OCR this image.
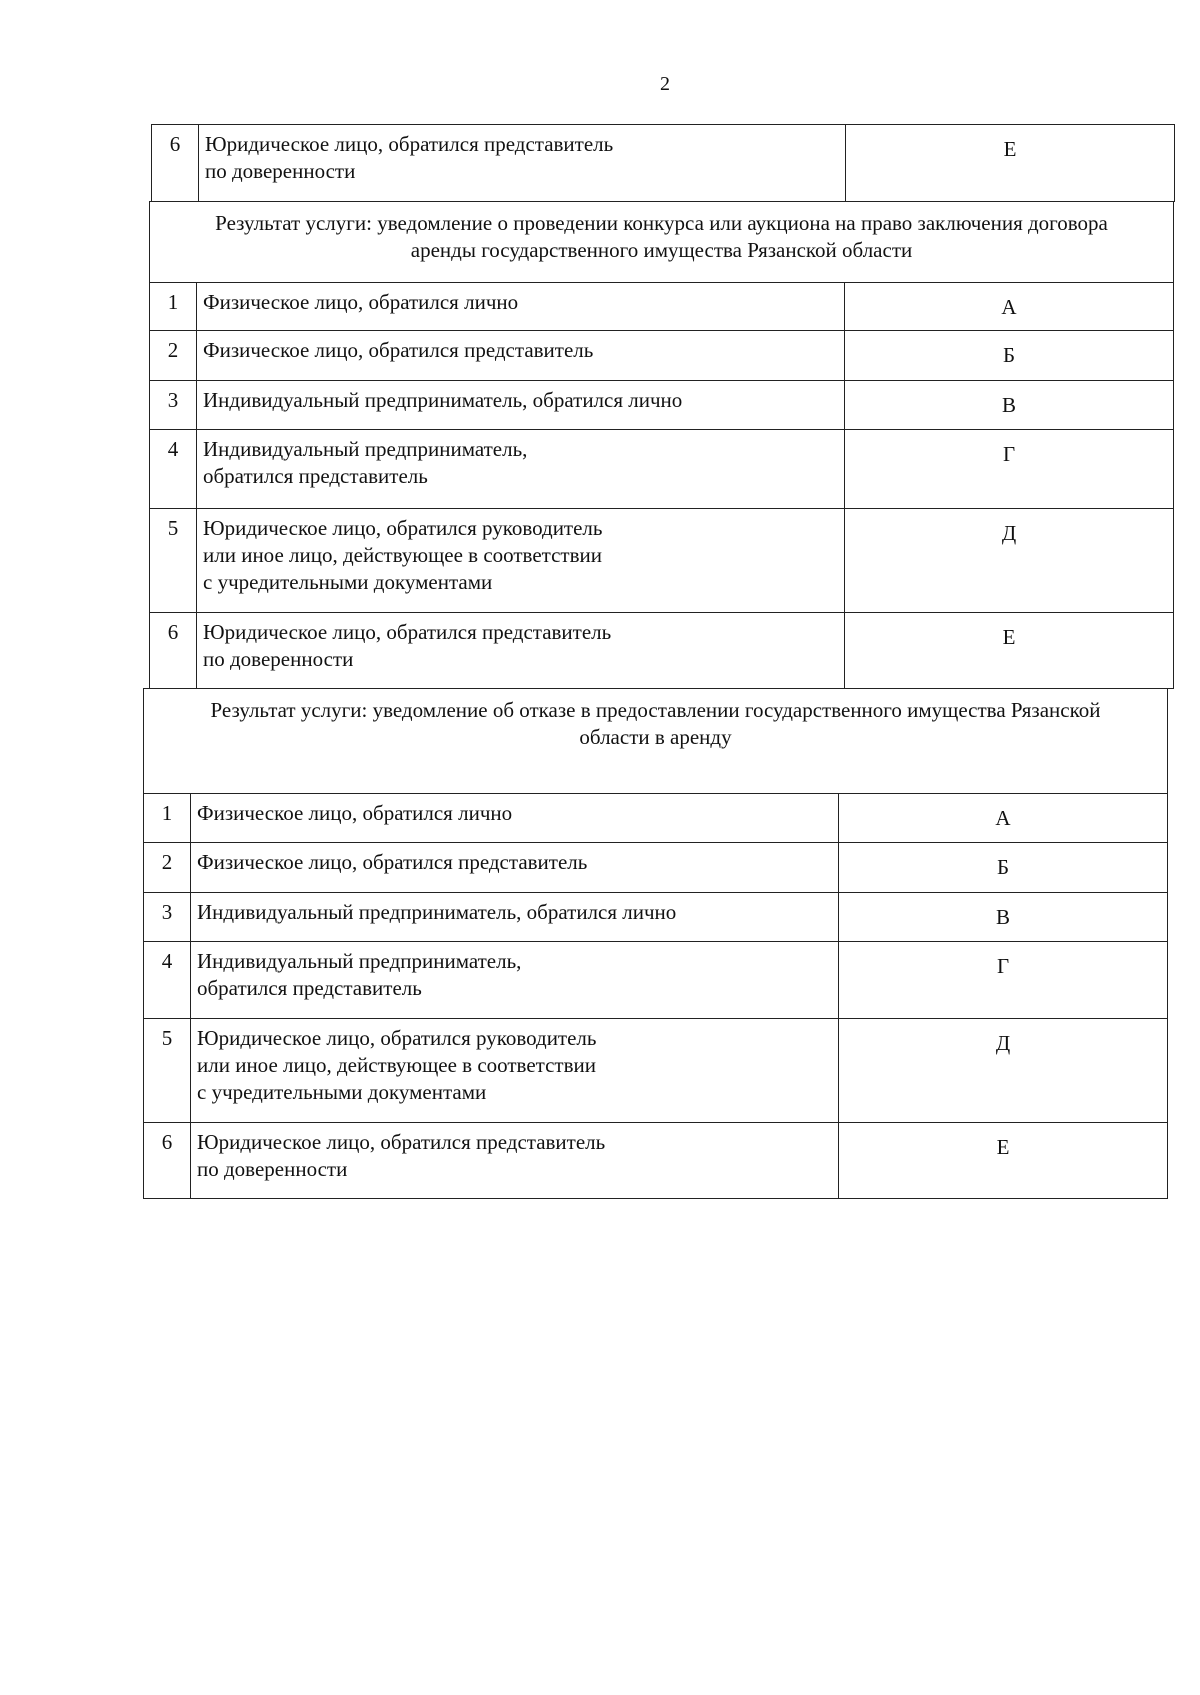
2
6	Юридическое лицо, обратился представитель
по доверенности	Е
Результат услуги: уведомление о проведении конкурса или аукциона на право заключения договора аренды государственного имущества Рязанской области		
1	Физическое лицо, обратился лично	А
2	Физическое лицо, обратился представитель	Б
3	Индивидуальный предприниматель, обратился лично	В
4	Индивидуальный предприниматель,
обратился представитель	Г
5	Юридическое лицо, обратился руководитель
или иное лицо, действующее в соответствии
с учредительными документами	Д
6	Юридическое лицо, обратился представитель
по доверенности	Е
Результат услуги: уведомление об отказе в предоставлении государственного имущества Рязанской области в аренду		
1	Физическое лицо, обратился лично	А
2	Физическое лицо, обратился представитель	Б
3	Индивидуальный предприниматель, обратился лично	В
4	Индивидуальный предприниматель,
обратился представитель	Г
5	Юридическое лицо, обратился руководитель
или иное лицо, действующее в соответствии
с учредительными документами	Д
6	Юридическое лицо, обратился представитель
по доверенности	Е
